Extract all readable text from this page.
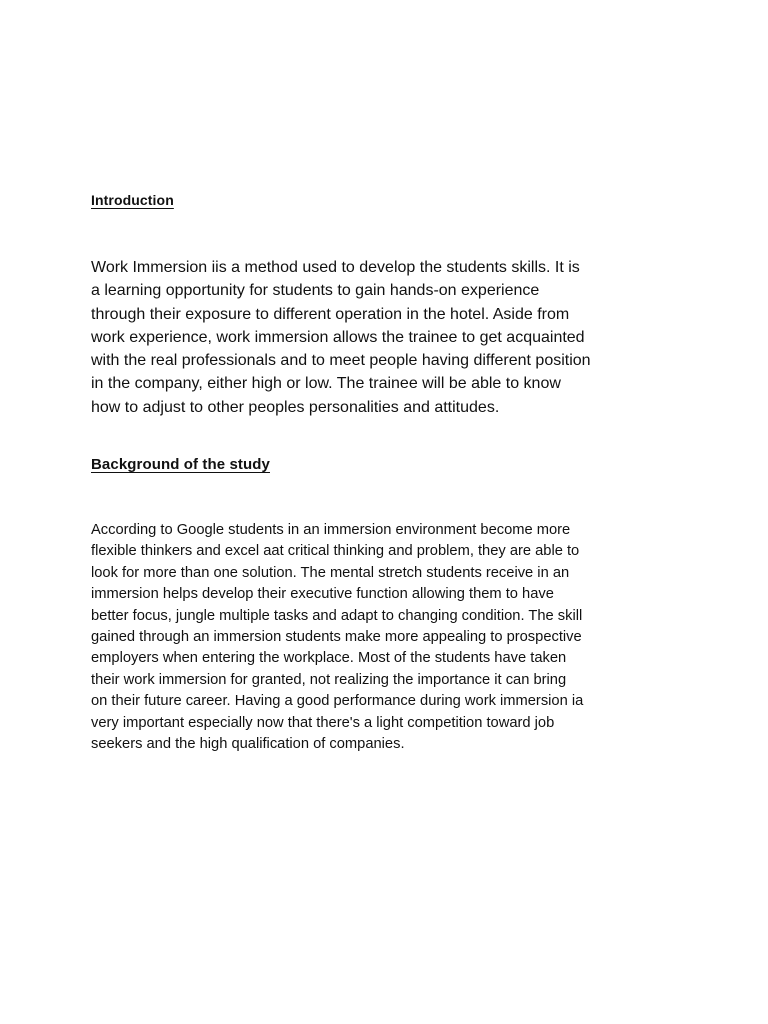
Introduction

Work Immersion iis a method used to develop the students skills. It is
a learning opportunity for students to gain hands-on experience
through their exposure to different operation in the hotel. Aside from
work experience, work immersion allows the trainee to get acquainted
with the real professionals and to meet people having different position
in the company, either high or low. The trainee will be able to know
how to adjust to other peoples personalities and attitudes.

Background of the study

According to Google students in an immersion environment become more
flexible thinkers and excel aat critical thinking and problem, they are able to
look for more than one solution. The mental stretch students receive in an
immersion helps develop their executive function allowing them to have
better focus, jungle multiple tasks and adapt to changing condition. The skill
gained through an immersion students make more appealing to prospective
employers when entering the workplace. Most of the students have taken
their work immersion for granted, not realizing the importance it can bring
on their future career. Having a good performance during work immersion ia
very important especially now that there's a light competition toward job
seekers and the high qualification of companies.
